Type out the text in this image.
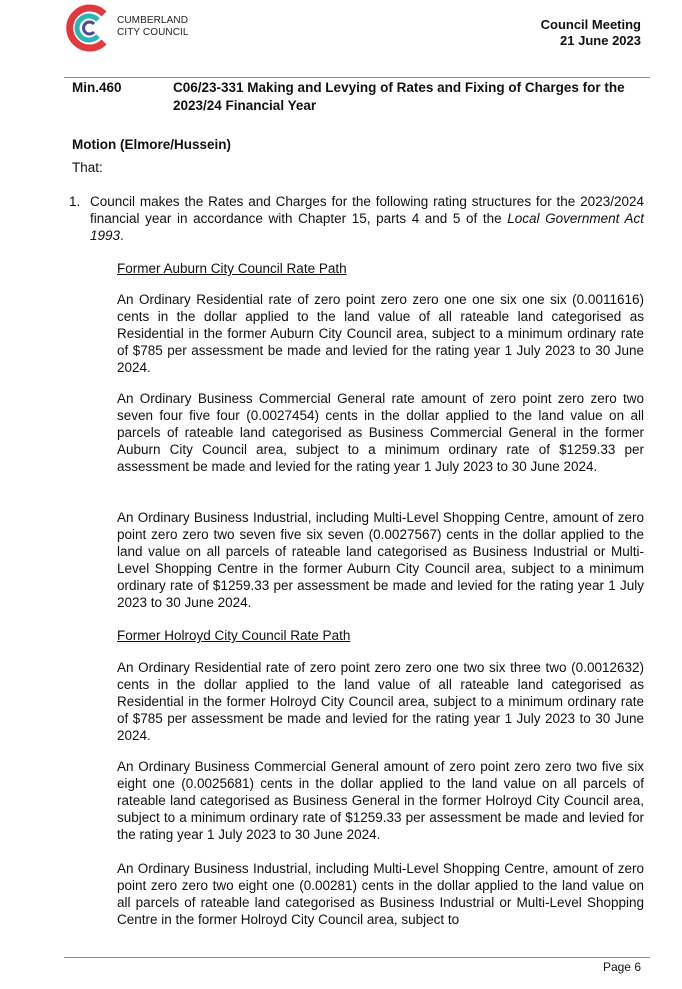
CUMBERLAND
CITY COUNCIL
Council Meeting
21 June 2023
Min.460	C06/23-331 Making and Levying of Rates and Fixing of Charges for the 2023/24 Financial Year
Motion (Elmore/Hussein)
That:
1. Council makes the Rates and Charges for the following rating structures for the 2023/2024 financial year in accordance with Chapter 15, parts 4 and 5 of the Local Government Act 1993.
Former Auburn City Council Rate Path
An Ordinary Residential rate of zero point zero zero one one six one six (0.0011616) cents in the dollar applied to the land value of all rateable land categorised as Residential in the former Auburn City Council area, subject to a minimum ordinary rate of $785 per assessment be made and levied for the rating year 1 July 2023 to 30 June 2024.
An Ordinary Business Commercial General rate amount of zero point zero zero two seven four five four (0.0027454) cents in the dollar applied to the land value on all parcels of rateable land categorised as Business Commercial General in the former Auburn City Council area, subject to a minimum ordinary rate of $1259.33 per assessment be made and levied for the rating year 1 July 2023 to 30 June 2024.
An Ordinary Business Industrial, including Multi-Level Shopping Centre, amount of zero point zero zero two seven five six seven (0.0027567) cents in the dollar applied to the land value on all parcels of rateable land categorised as Business Industrial or Multi-Level Shopping Centre in the former Auburn City Council area, subject to a minimum ordinary rate of $1259.33 per assessment be made and levied for the rating year 1 July 2023 to 30 June 2024.
Former Holroyd City Council Rate Path
An Ordinary Residential rate of zero point zero zero one two six three two (0.0012632) cents in the dollar applied to the land value of all rateable land categorised as Residential in the former Holroyd City Council area, subject to a minimum ordinary rate of $785 per assessment be made and levied for the rating year 1 July 2023 to 30 June 2024.
An Ordinary Business Commercial General amount of zero point zero zero two five six eight one (0.0025681) cents in the dollar applied to the land value on all parcels of rateable land categorised as Business General in the former Holroyd City Council area, subject to a minimum ordinary rate of $1259.33 per assessment be made and levied for the rating year 1 July 2023 to 30 June 2024.
An Ordinary Business Industrial, including Multi-Level Shopping Centre, amount of zero point zero zero two eight one (0.00281) cents in the dollar applied to the land value on all parcels of rateable land categorised as Business Industrial or Multi-Level Shopping Centre in the former Holroyd City Council area, subject to
Page 6
